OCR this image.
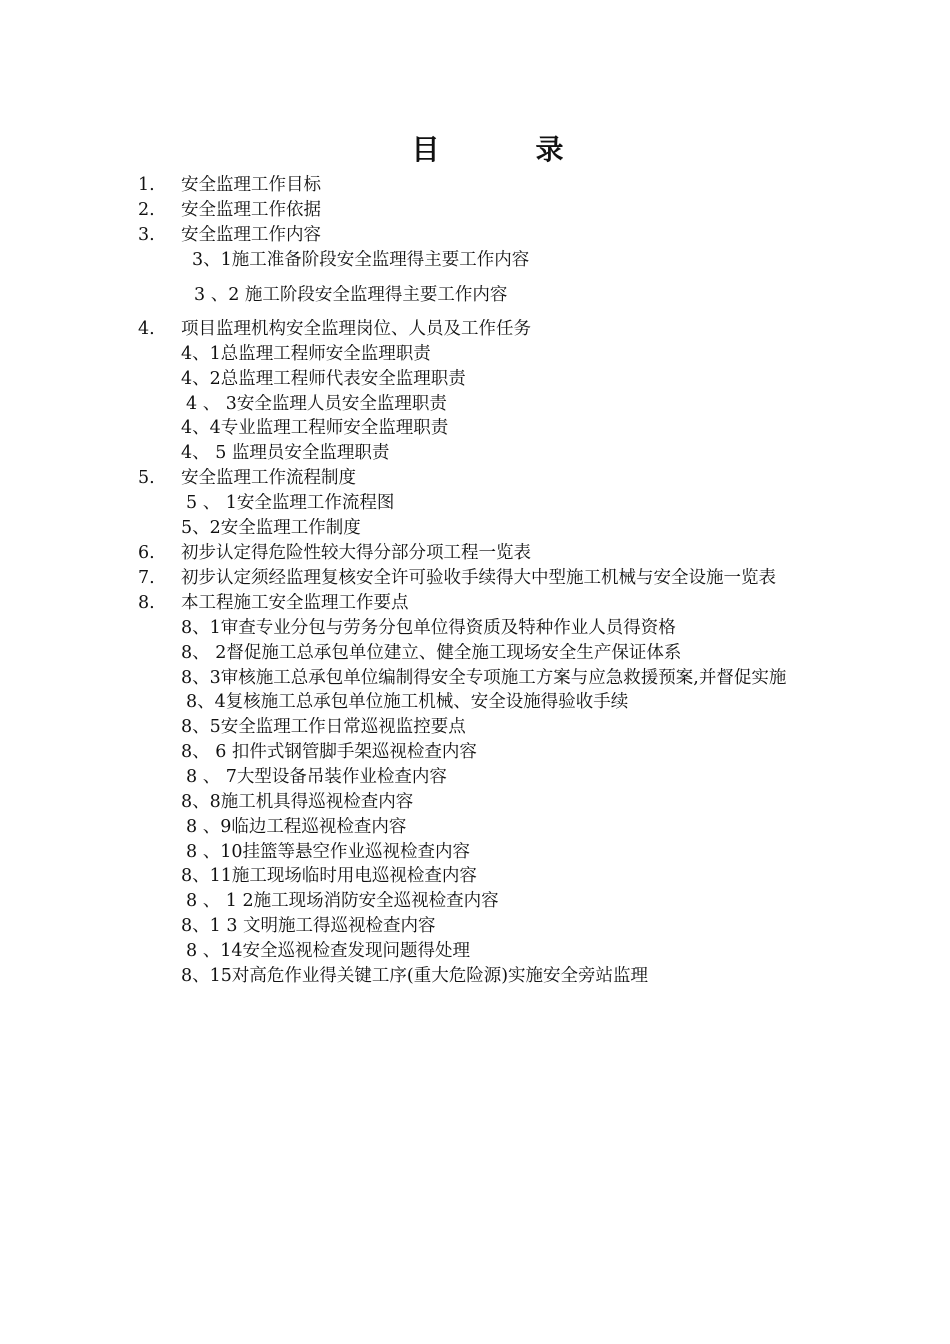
目	录
1. 安全监理工作目标
2. 安全监理工作依据
3. 安全监理工作内容
3、1施工准备阶段安全监理得主要工作内容
3 、2 施工阶段安全监理得主要工作内容
4. 项目监理机构安全监理岗位、人员及工作任务
4、1总监理工程师安全监理职责
4、2总监理工程师代表安全监理职责
4 、 3安全监理人员安全监理职责
4、4专业监理工程师安全监理职责
4、 5 监理员安全监理职责
5. 安全监理工作流程制度
5 、 1安全监理工作流程图
5、2安全监理工作制度
6. 初步认定得危险性较大得分部分项工程一览表
7. 初步认定须经监理复核安全许可验收手续得大中型施工机械与安全设施一览表
8. 本工程施工安全监理工作要点
8、1审查专业分包与劳务分包单位得资质及特种作业人员得资格
8、 2督促施工总承包单位建立、健全施工现场安全生产保证体系
8、3审核施工总承包单位编制得安全专项施工方案与应急救援预案,并督促实施
8、4复核施工总承包单位施工机械、安全设施得验收手续
8、5安全监理工作日常巡视监控要点
8、 6 扣件式钢管脚手架巡视检查内容
8 、 7大型设备吊装作业检查内容
8、8施工机具得巡视检查内容
8 、9临边工程巡视检查内容
8 、10挂篮等悬空作业巡视检查内容
8、11施工现场临时用电巡视检查内容
8 、 1 2施工现场消防安全巡视检查内容
8、1 3 文明施工得巡视检查内容
8 、14安全巡视检查发现问题得处理
8、15对高危作业得关键工序(重大危险源)实施安全旁站监理
